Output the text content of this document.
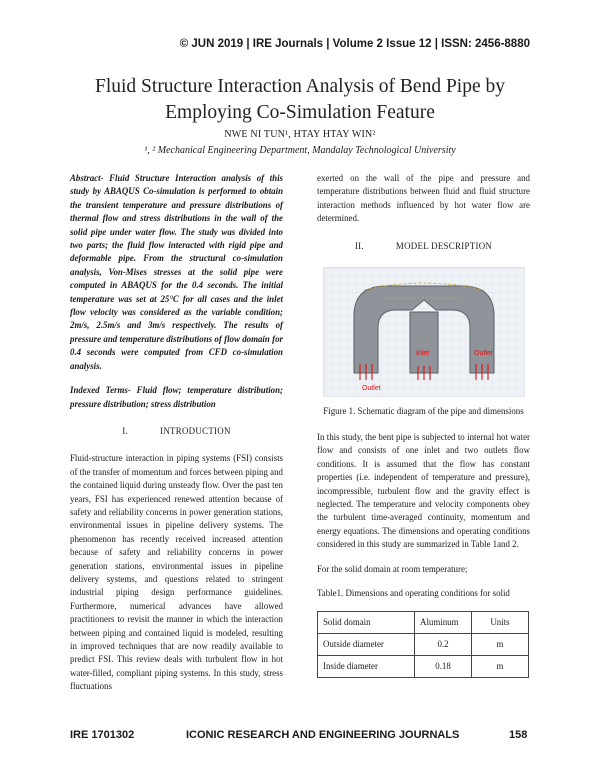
© JUN 2019 | IRE Journals | Volume 2 Issue 12 | ISSN: 2456-8880
Fluid Structure Interaction Analysis of Bend Pipe by
Employing Co-Simulation Feature
NWE NI TUN¹, HTAY HTAY WIN²
¹, ² Mechanical Engineering Department, Mandalay Technological University

Abstract- Fluid Structure Interaction analysis of this study by ABAQUS Co-simulation is performed to obtain the transient temperature and pressure distributions of thermal flow and stress distributions in the wall of the solid pipe under water flow. The study was divided into two parts; the fluid flow interacted with rigid pipe and deformable pipe. From the structural co-simulation analysis, Von-Mises stresses at the solid pipe were computed in ABAQUS for the 0.4 seconds. The initial temperature was set at 25°C for all cases and the inlet flow velocity was considered as the variable condition; 2m/s, 2.5m/s and 3m/s respectively. The results of pressure and temperature distributions of flow domain for 0.4 seconds were computed from CFD co-simulation analysis.

Indexed Terms- Fluid flow; temperature distribution; pressure distribution; stress distribution

I.	INTRODUCTION

Fluid-structure interaction in piping systems (FSI) consists of the transfer of momentum and forces between piping and the contained liquid during unsteady flow. Over the past ten years, FSI has experienced renewed attention because of safety and reliability concerns in power generation stations, environmental issues in pipeline delivery systems. The phenomenon has recently received increased attention because of safety and reliability concerns in power generation stations, environmental issues in pipeline delivery systems, and questions related to stringent industrial piping design performance guidelines. Furthermore, numerical advances have allowed practitioners to revisit the manner in which the interaction between piping and contained liquid is modeled, resulting in improved techniques that are now readily available to predict FSI. This review deals with turbulent flow in hot water-filled, compliant piping systems. In this study, stress fluctuations

exerted on the wall of the pipe and pressure and temperature distributions between fluid and fluid structure interaction methods influenced by hot water flow are determined.

II.	MODEL DESCRIPTION
Outlet
Inlet	Outlet
Figure 1. Schematic diagram of the pipe and dimensions

In this study, the bent pipe is subjected to internal hot water flow and consists of one inlet and two outlets flow conditions. It is assumed that the flow has constant properties (i.e. independent of temperature and pressure), incompressible, turbulent flow and the gravity effect is neglected. The temperature and velocity components obey the turbulent time-averaged continuity, momentum and energy equations. The dimensions and operating conditions considered in this study are summarized in Table 1and 2.

For the solid domain at room temperature;

Table1. Dimensions and operating conditions for solid

Solid domain	Aluminum	Units
Outside diameter	0.2	m
Inside diameter	0.18	m
IRE 1701302	ICONIC RESEARCH AND ENGINEERING JOURNALS	158
